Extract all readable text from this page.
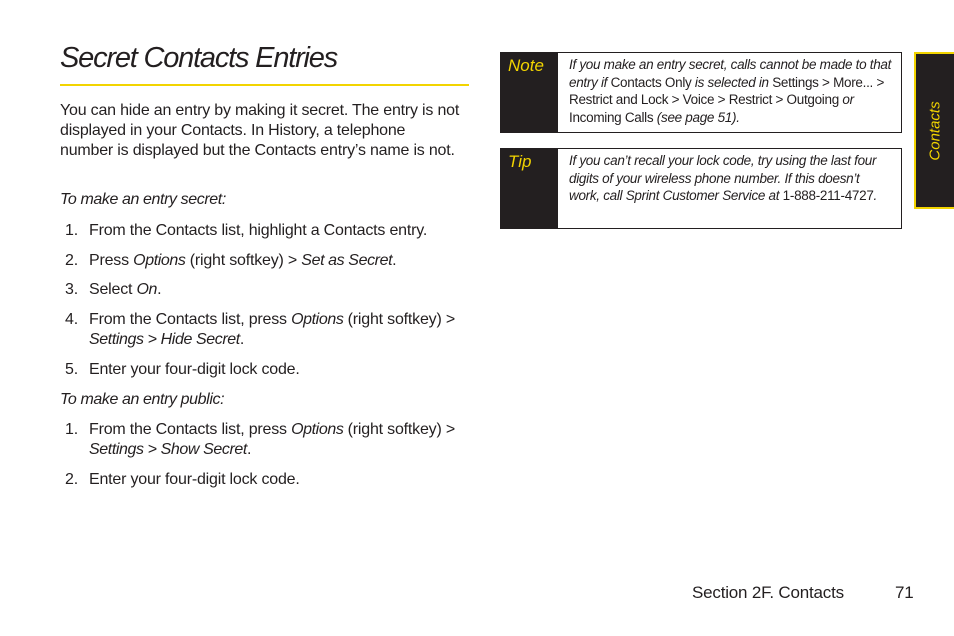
Secret Contacts Entries
You can hide an entry by making it secret. The entry is not displayed in your Contacts. In History, a telephone number is displayed but the Contacts entry’s name is not.
To make an entry secret:
1. From the Contacts list, highlight a Contacts entry.
2. Press Options (right softkey) > Set as Secret.
3. Select On.
4. From the Contacts list, press Options (right softkey) > Settings > Hide Secret.
5. Enter your four-digit lock code.
To make an entry public:
1. From the Contacts list, press Options (right softkey) > Settings > Show Secret.
2. Enter your four-digit lock code.
Note	If you make an entry secret, calls cannot be made to that entry if Contacts Only is selected in Settings > More... > Restrict and Lock > Voice > Restrict > Outgoing or Incoming Calls (see page 51).
Tip	If you can’t recall your lock code, try using the last four digits of your wireless phone number. If this doesn’t work, call Sprint Customer Service at 1-888-211-4727.
Contacts
Section 2F. Contacts	71
